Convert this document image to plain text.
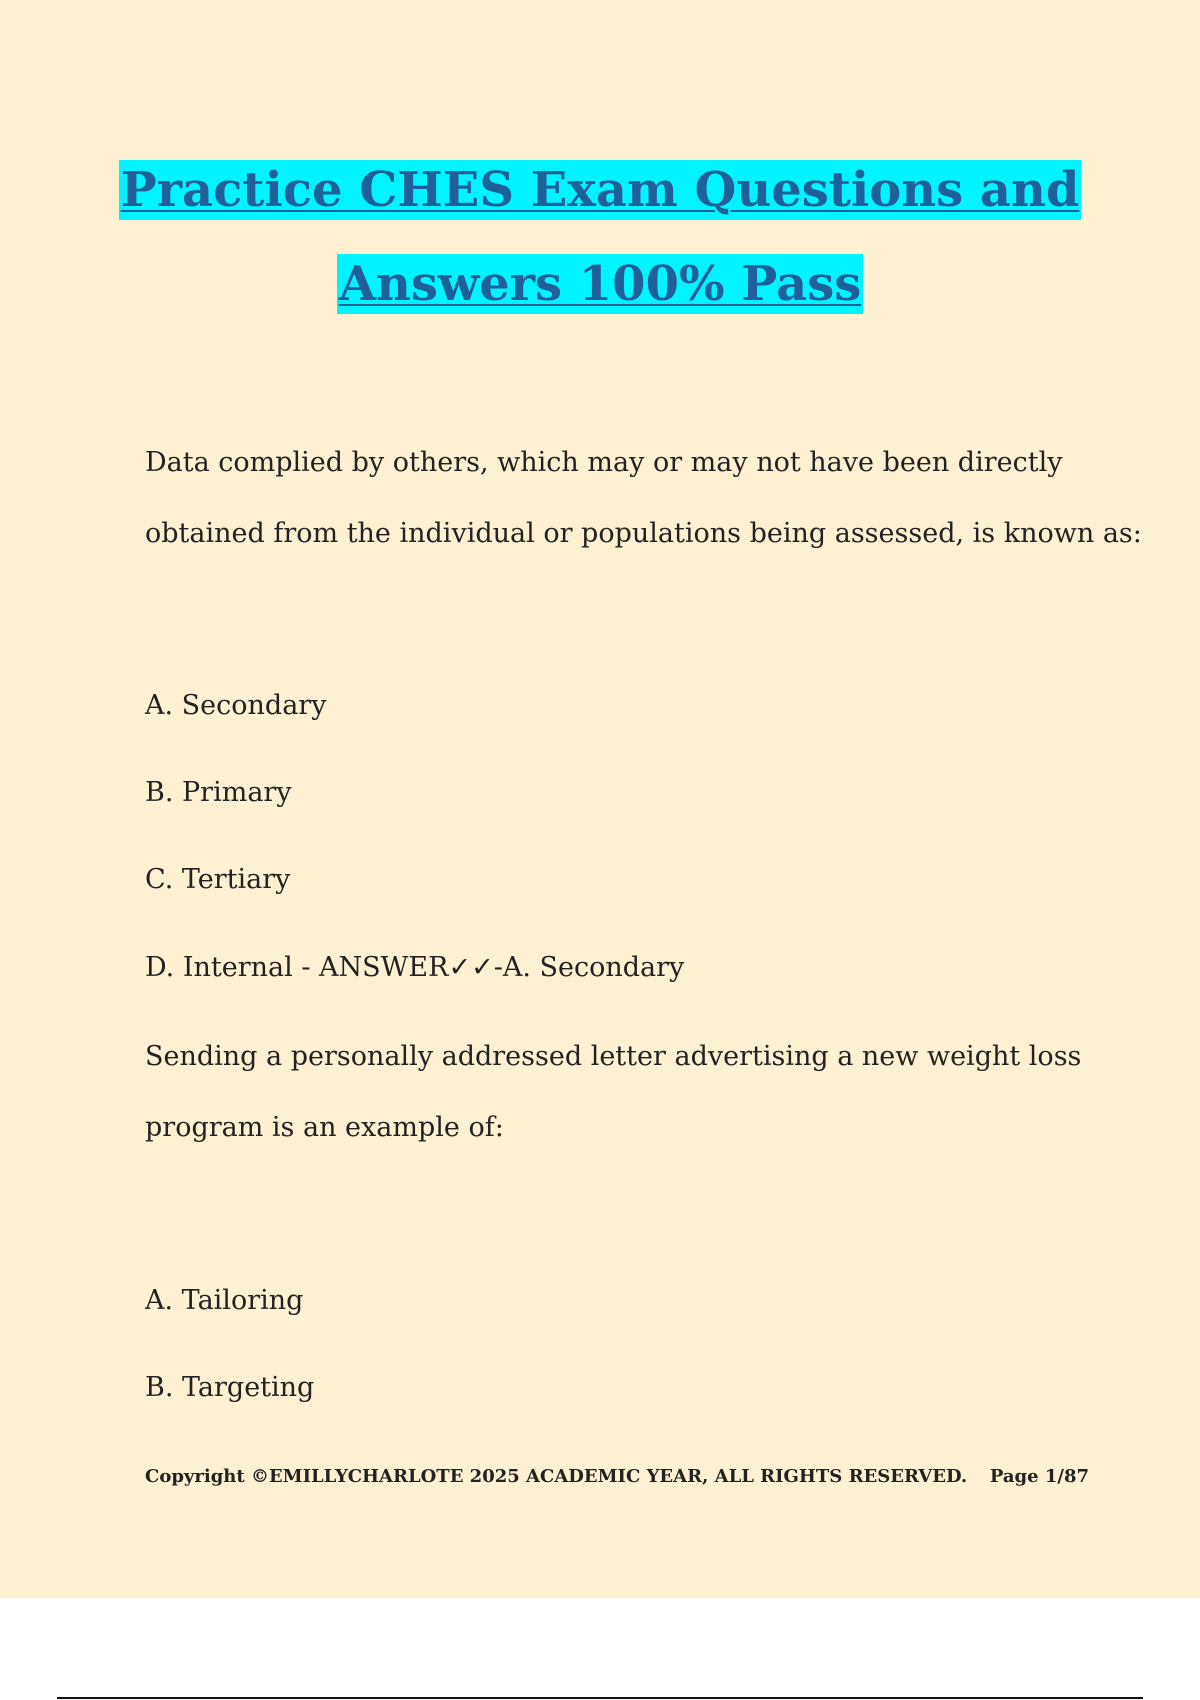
Practice CHES Exam Questions and
Answers 100% Pass

Data complied by others, which may or may not have been directly

obtained from the individual or populations being assessed, is known as:

A. Secondary

B. Primary

C. Tertiary

D. Internal - ANSWER✓✓-A. Secondary

Sending a personally addressed letter advertising a new weight loss

program is an example of:

A. Tailoring

B. Targeting

Copyright ©EMILLYCHARLOTE 2025 ACADEMIC YEAR, ALL RIGHTS RESERVED. Page 1/87
